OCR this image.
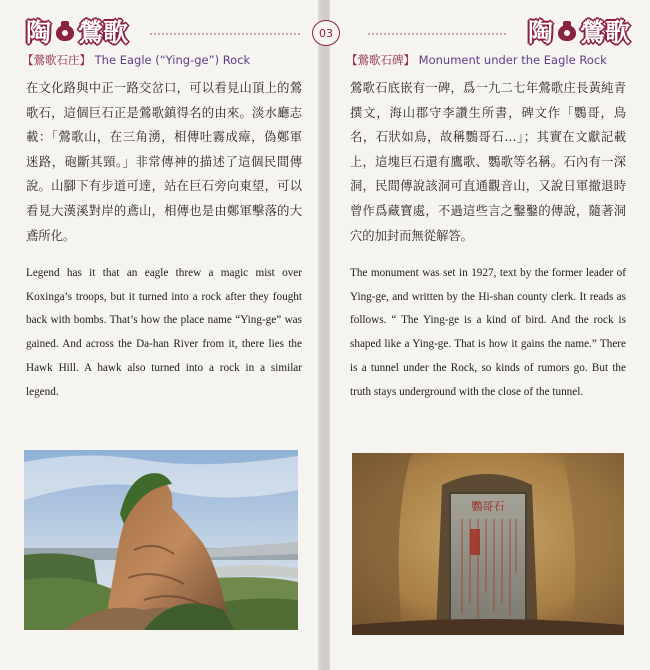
陶 鶯歌	03	陶 鶯歌
【鶯歌石庄】 The Eagle (“Ying-ge”) Rock	【鶯歌石碑】 Monument under the Eagle Rock

在文化路與中正一路交岔口，可以看見山頂上的鶯歌石，這個巨石正是鶯歌鎮得名的由來。淡水廳志載：「鶯歌山，在三角湧，相傳吐霧成瘴，偽鄭軍迷路，砲斷其頸。」非常傳神的描述了這個民間傳說。山腳下有步道可達，站在巨石旁向東望，可以看見大漢溪對岸的鳶山，相傳也是由鄭軍擊落的大鳶所化。

鶯歌石底嵌有一碑，爲一九二七年鶯歌庄長黃純青撰文，海山郡守李讚生所書，碑文作「鸚哥，鳥名，石狀如鳥，故稱鸚哥石…」；其實在文獻記載上，這塊巨石還有鷹歌、鸚歌等名稱。石內有一深洞，民間傳說該洞可直通觀音山，又說日軍撤退時曾作爲藏寶處，不過這些言之鑿鑿的傳說，隨著洞穴的加封而無從解答。

Legend has it that an eagle threw a magic mist over Koxinga’s troops, but it turned into a rock after they fought back with bombs. That’s how the place name “Ying-ge” was gained. And across the Da-han River from it, there lies the Hawk Hill. A hawk also turned into a rock in a similar legend.

The monument was set in 1927, text by the former leader of Ying-ge, and written by the Hi-shan county clerk. It reads as follows. “ The Ying-ge is a kind of bird. And the rock is shaped like a Ying-ge. That is how it gains the name.” There is a tunnel under the Rock, so kinds of rumors go. But the truth stays underground with the close of the tunnel.

鸚哥石
